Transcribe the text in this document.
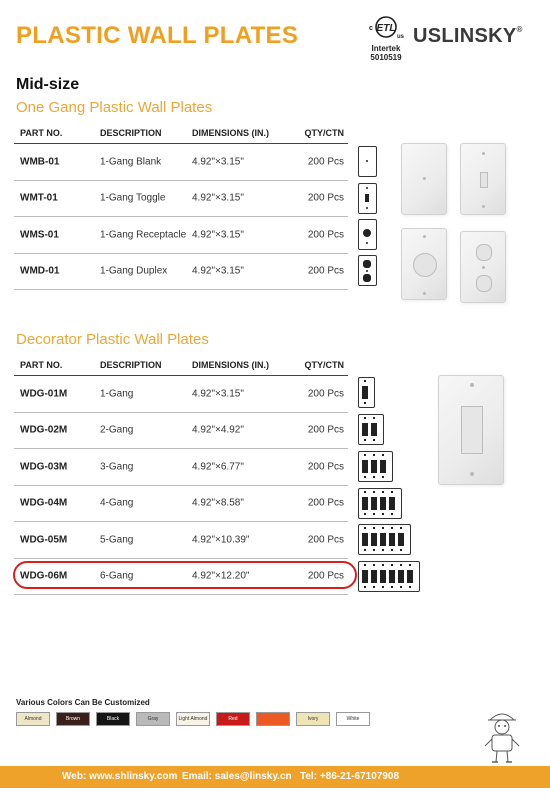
PLASTIC WALL PLATES	c ETL
us
Intertek
5010519
USLINSKY®
Mid-size
One Gang Plastic Wall Plates
PART NO.	DESCRIPTION	DIMENSIONS (IN.)	QTY/CTN
WMB-01	1-Gang Blank	4.92"×3.15"	200 Pcs
WMT-01	1-Gang Toggle	4.92"×3.15"	200 Pcs
WMS-01	1-Gang Receptacle 4.92"×3.15"	200 Pcs
WMD-01	1-Gang Duplex 4.92"×3.15"	200 Pcs
Decorator Plastic Wall Plates
PART NO.	DESCRIPTION	DIMENSIONS (IN.)	QTY/CTN
WDG-01M	1-Gang	4.92"×3.15"	200 Pcs
WDG-02M	2-Gang	4.92"×4.92"	200 Pcs
WDG-03M	3-Gang	4.92"×6.77"	200 Pcs
WDG-04M	4-Gang	4.92"×8.58"	200 Pcs
WDG-05M	5-Gang	4.92"×10.39"	200 Pcs
WDG-06M	6-Gang	4.92"×12.20"	200 Pcs
Various Colors Can Be Customized
Almond	Brown	Black	Gray	Light Almond	Red	Ivory	White
Web: www.shlinsky.com Email: sales@linsky.cn Tel: +86-21-67107908
